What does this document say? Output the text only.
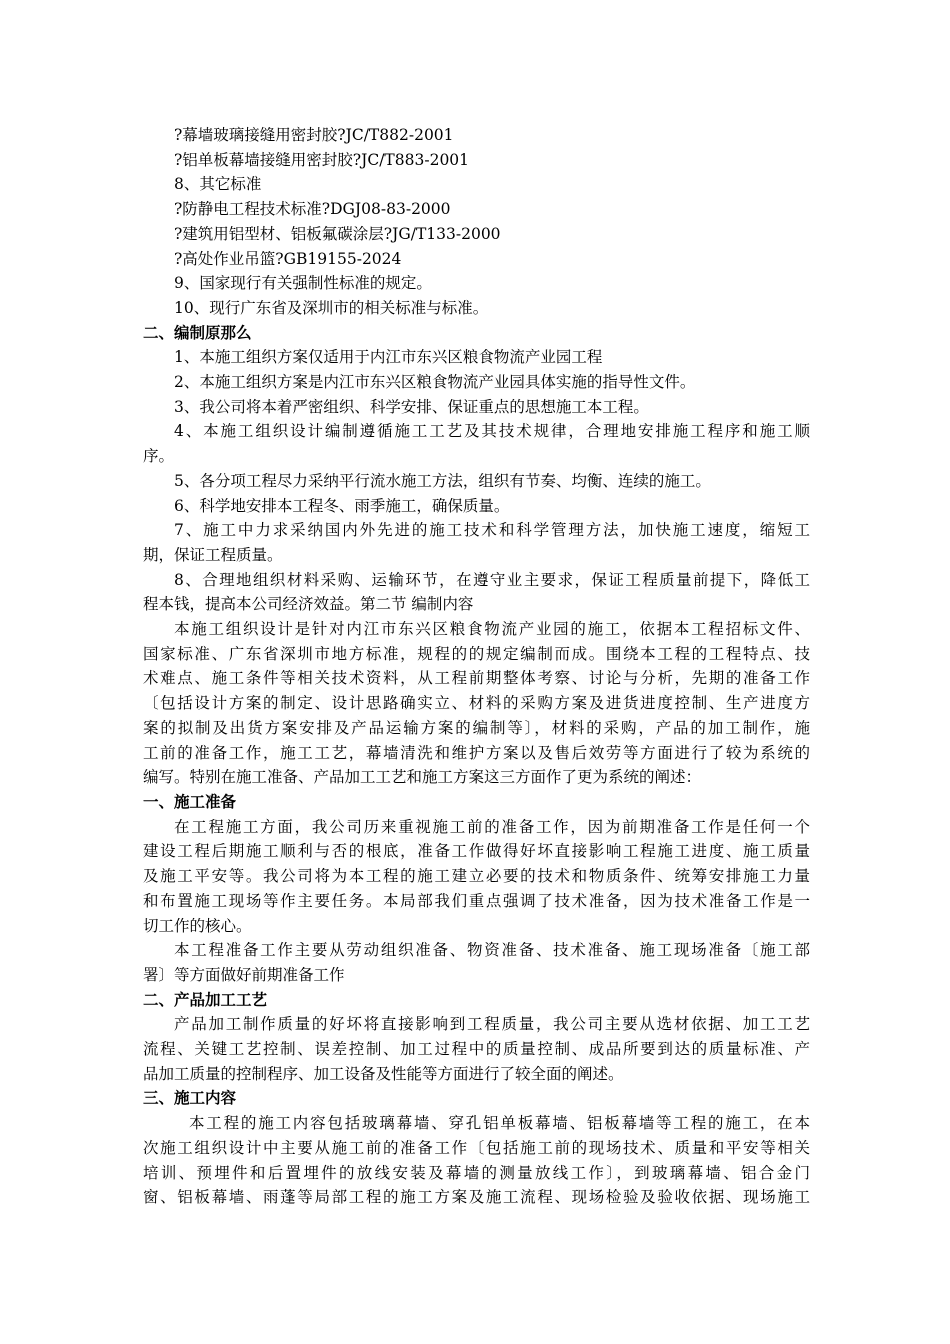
?幕墙玻璃接缝用密封胶?JC/T882-2001

?铝单板幕墙接缝用密封胶?JC/T883-2001

8、其它标准

?防静电工程技术标准?DGJ08-83-2000

?建筑用铝型材、铝板氟碳涂层?JG/T133-2000

?高处作业吊篮?GB19155-2024

9、国家现行有关强制性标准的规定。

10、现行广东省及深圳市的相关标准与标准。

二、编制原那么

1、本施工组织方案仅适用于内江市东兴区粮食物流产业园工程

2、本施工组织方案是内江市东兴区粮食物流产业园具体实施的指导性文件。

3、我公司将本着严密组织、科学安排、保证重点的思想施工本工程。

4、本施工组织设计编制遵循施工工艺及其技术规律，合理地安排施工程序和施工顺

序。

5、各分项工程尽力采纳平行流水施工方法，组织有节奏、均衡、连续的施工。

6、科学地安排本工程冬、雨季施工，确保质量。

7、施工中力求采纳国内外先进的施工技术和科学管理方法，加快施工速度，缩短工

期，保证工程质量。

8、合理地组织材料采购、运输环节，在遵守业主要求，保证工程质量前提下，降低工

程本钱，提高本公司经济效益。第二节 编制内容

本施工组织设计是针对内江市东兴区粮食物流产业园的施工，依据本工程招标文件、

国家标准、广东省深圳市地方标准，规程的的规定编制而成。围绕本工程的工程特点、技

术难点、施工条件等相关技术资料，从工程前期整体考察、讨论与分析，先期的准备工作

〔包括设计方案的制定、设计思路确实立、材料的采购方案及进货进度控制、生产进度方

案的拟制及出货方案安排及产品运输方案的编制等〕，材料的采购，产品的加工制作，施

工前的准备工作，施工工艺，幕墙清洗和维护方案以及售后效劳等方面进行了较为系统的

编写。特别在施工准备、产品加工工艺和施工方案这三方面作了更为系统的阐述：

一、施工准备

在工程施工方面，我公司历来重视施工前的准备工作，因为前期准备工作是任何一个

建设工程后期施工顺利与否的根底，准备工作做得好坏直接影响工程施工进度、施工质量

及施工平安等。我公司将为本工程的施工建立必要的技术和物质条件、统筹安排施工力量

和布置施工现场等作主要任务。本局部我们重点强调了技术准备，因为技术准备工作是一

切工作的核心。

本工程准备工作主要从劳动组织准备、物资准备、技术准备、施工现场准备〔施工部

署〕等方面做好前期准备工作

二、产品加工工艺

产品加工制作质量的好坏将直接影响到工程质量，我公司主要从选材依据、加工工艺

流程、关键工艺控制、误差控制、加工过程中的质量控制、成品所要到达的质量标准、产

品加工质量的控制程序、加工设备及性能等方面进行了较全面的阐述。

三、施工内容

本工程的施工内容包括玻璃幕墙、穿孔铝单板幕墙、铝板幕墙等工程的施工，在本

次施工组织设计中主要从施工前的准备工作〔包括施工前的现场技术、质量和平安等相关

培训、预埋件和后置埋件的放线安装及幕墙的测量放线工作〕，到玻璃幕墙、铝合金门

窗、铝板幕墙、雨蓬等局部工程的施工方案及施工流程、现场检验及验收依据、现场施工
